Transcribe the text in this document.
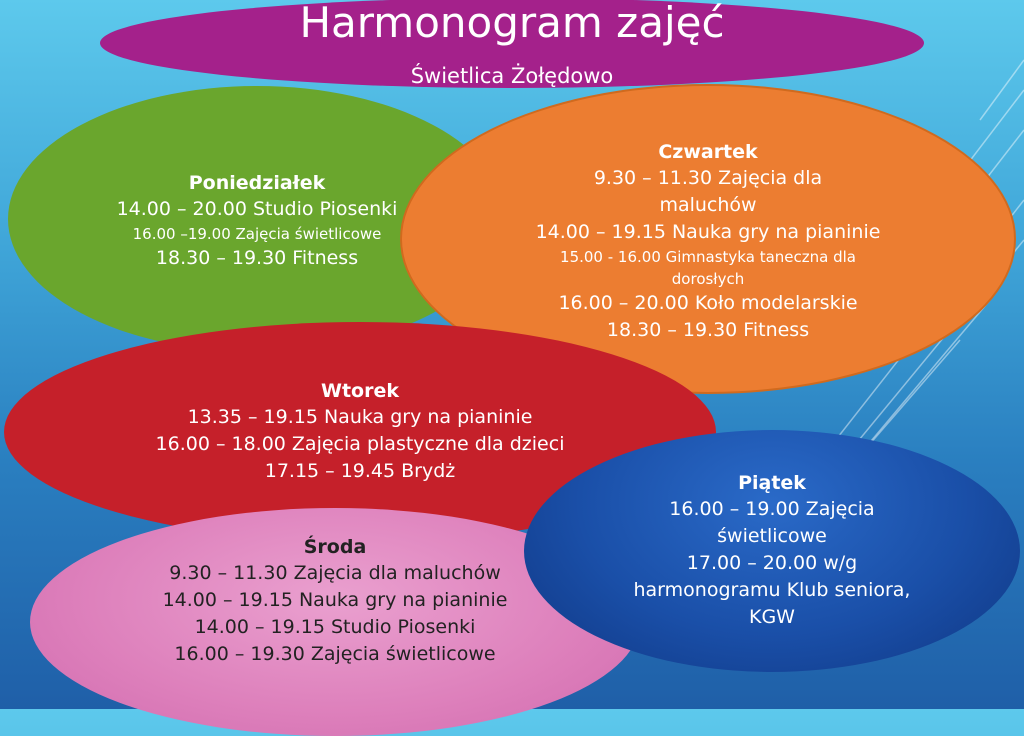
Harmonogram zajęć
Świetlica Żołędowo
Poniedziałek
14.00 – 20.00 Studio Piosenki
16.00 –19.00 Zajęcia świetlicowe
18.30 – 19.30 Fitness
Czwartek
9.30 – 11.30 Zajęcia dla
maluchów
14.00 – 19.15 Nauka gry na pianinie
15.00 - 16.00 Gimnastyka taneczna dla
dorosłych
16.00 – 20.00 Koło modelarskie
18.30 – 19.30 Fitness
Wtorek
13.35 – 19.15 Nauka gry na pianinie
16.00 – 18.00 Zajęcia plastyczne dla dzieci
17.15 – 19.45 Brydż
Środa
9.30 – 11.30 Zajęcia dla maluchów
14.00 – 19.15 Nauka gry na pianinie
14.00 – 19.15 Studio Piosenki
16.00 – 19.30 Zajęcia świetlicowe
Piątek
16.00 – 19.00 Zajęcia
świetlicowe
17.00 – 20.00 w/g
harmonogramu Klub seniora,
KGW
